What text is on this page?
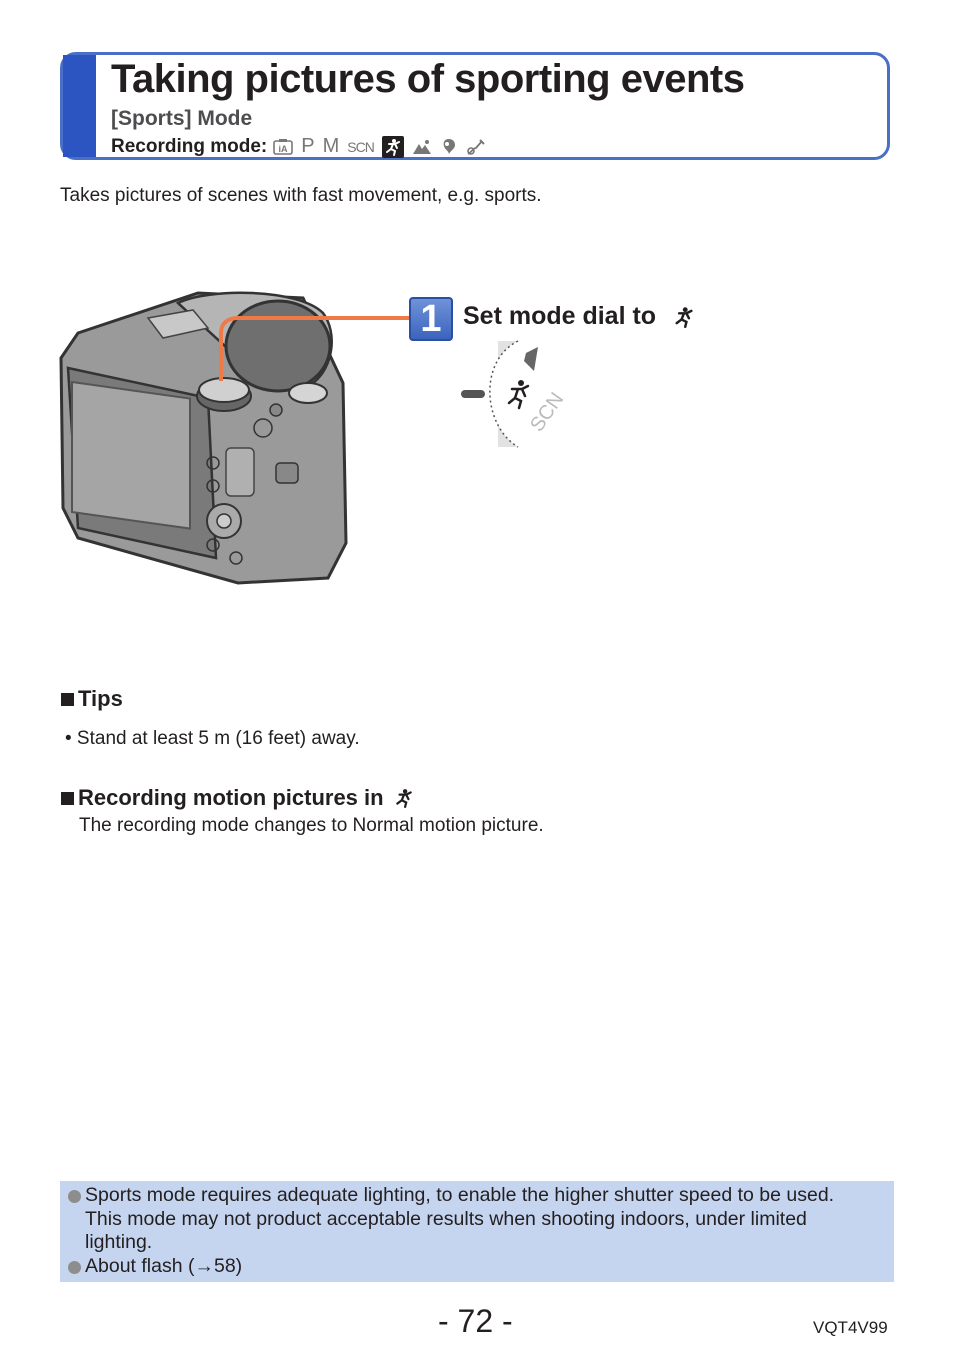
Taking pictures of sporting events
[Sports] Mode
Recording mode: iA P M SCN
Takes pictures of scenes with fast movement, e.g. sports.
1 Set mode dial to
SCN
Tips
• Stand at least 5 m (16 feet) away.
Recording motion pictures in
The recording mode changes to Normal motion picture.
Sports mode requires adequate lighting, to enable the higher shutter speed to be used. This mode may not product acceptable results when shooting indoors, under limited lighting.
About flash (→58)
- 72 -	VQT4V99
